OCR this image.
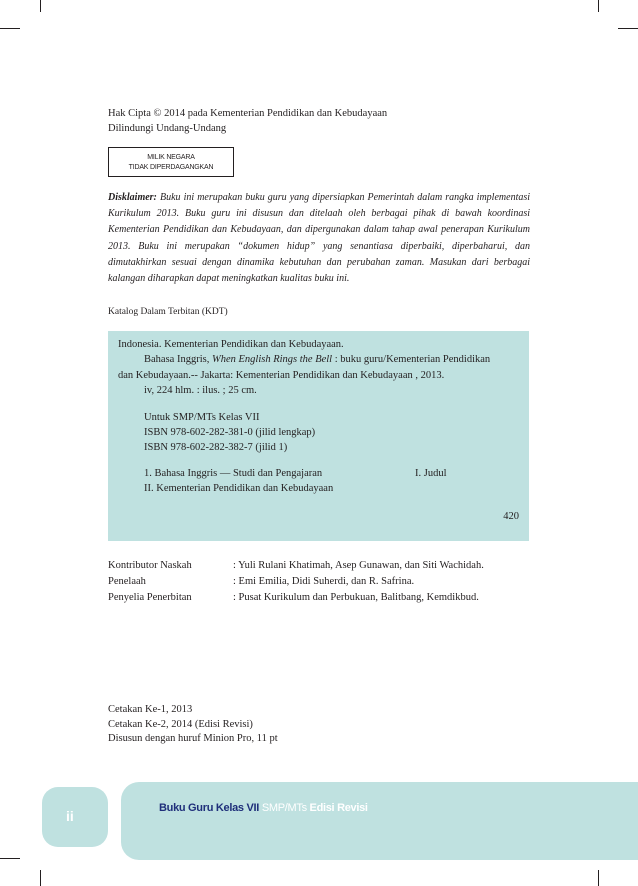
Hak Cipta © 2014 pada Kementerian Pendidikan dan Kebudayaan
Dilindungi Undang-Undang
MILIK NEGARA
TIDAK DIPERDAGANGKAN
Disklaimer: Buku ini merupakan buku guru yang dipersiapkan Pemerintah dalam rangka implementasi Kurikulum 2013. Buku guru ini disusun dan ditelaah oleh berbagai pihak di bawah koordinasi Kementerian Pendidikan dan Kebudayaan, dan dipergunakan dalam tahap awal penerapan Kurikulum 2013. Buku ini merupakan “dokumen hidup” yang senantiasa diperbaiki, diperbaharui, dan dimutakhirkan sesuai dengan dinamika kebutuhan dan perubahan zaman. Masukan dari berbagai kalangan diharapkan dapat meningkatkan kualitas buku ini.
Katalog Dalam Terbitan (KDT)
Indonesia. Kementerian Pendidikan dan Kebudayaan.
Bahasa Inggris, When English Rings the Bell : buku guru/Kementerian Pendidikan
dan Kebudayaan.-- Jakarta: Kementerian Pendidikan dan Kebudayaan , 2013.
iv, 224 hlm. : ilus. ; 25 cm.
Untuk SMP/MTs Kelas VII
ISBN 978-602-282-381-0 (jilid lengkap)
ISBN 978-602-282-382-7 (jilid 1)
1. Bahasa Inggris — Studi dan Pengajaran	I. Judul
II. Kementerian Pendidikan dan Kebudayaan
420
Kontributor Naskah	: Yuli Rulani Khatimah, Asep Gunawan, dan Siti Wachidah.
Penelaah	: Emi Emilia, Didi Suherdi, dan R. Safrina.
Penyelia Penerbitan	: Pusat Kurikulum dan Perbukuan, Balitbang, Kemdikbud.
Cetakan Ke-1, 2013
Cetakan Ke-2, 2014 (Edisi Revisi)
Disusun dengan huruf Minion Pro, 11 pt
Buku Guru Kelas VII SMP/MTs Edisi Revisi
ii
